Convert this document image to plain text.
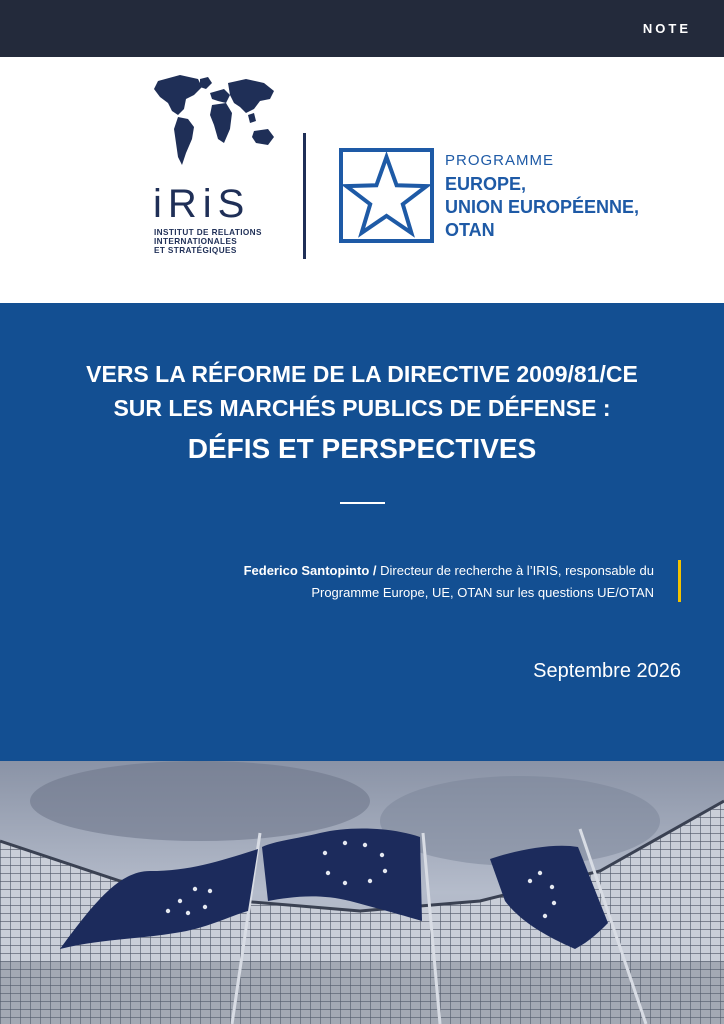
NOTE
iRiS
INSTITUT DE RELATIONS
INTERNATIONALES
ET STRATÉGIQUES
PROGRAMME
EUROPE,
UNION EUROPÉENNE,
OTAN
VERS LA RÉFORME DE LA DIRECTIVE 2009/81/CE
SUR LES MARCHÉS PUBLICS DE DÉFENSE :
DÉFIS ET PERSPECTIVES
Federico Santopinto / Directeur de recherche à l’IRIS, responsable du
Programme Europe, UE, OTAN sur les questions UE/OTAN
Septembre 2026
